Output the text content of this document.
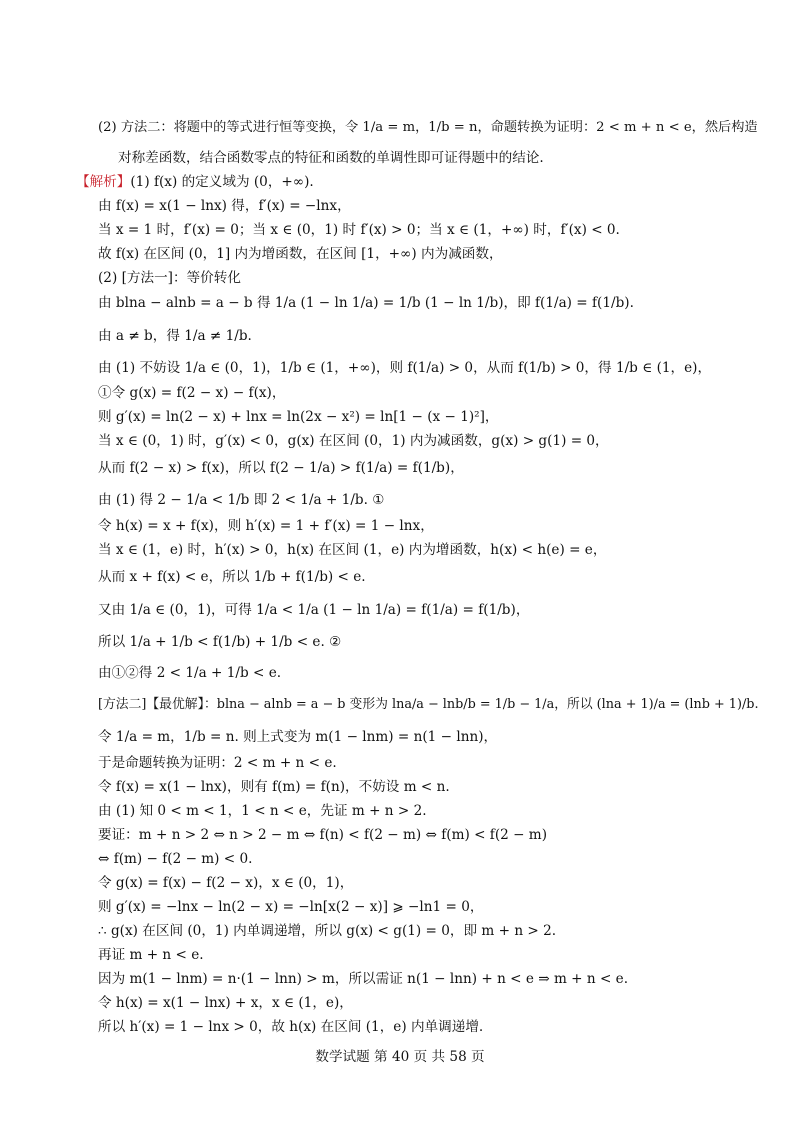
(2) 方法二：将题中的等式进行恒等变换，令 1/a = m，1/b = n，命题转换为证明：2 < m + n < e，然后构造
对称差函数，结合函数零点的特征和函数的单调性即可证得题中的结论.
【解析】(1) f(x) 的定义域为 (0，+∞).
由 f(x) = x(1 − lnx) 得，f′(x) = −lnx，
当 x = 1 时，f′(x) = 0；当 x ∈ (0，1) 时 f′(x) > 0；当 x ∈ (1，+∞) 时，f′(x) < 0.
故 f(x) 在区间 (0，1] 内为增函数，在区间 [1，+∞) 内为减函数，
(2) [方法一]：等价转化
由 blna − alnb = a − b 得 1/a (1 − ln 1/a) = 1/b (1 − ln 1/b)，即 f(1/a) = f(1/b).
由 a ≠ b，得 1/a ≠ 1/b.
由 (1) 不妨设 1/a ∈ (0，1)，1/b ∈ (1，+∞)，则 f(1/a) > 0，从而 f(1/b) > 0，得 1/b ∈ (1，e)，
①令 g(x) = f(2 − x) − f(x)，
则 g′(x) = ln(2 − x) + lnx = ln(2x − x²) = ln[1 − (x − 1)²]，
当 x ∈ (0，1) 时，g′(x) < 0，g(x) 在区间 (0，1) 内为减函数，g(x) > g(1) = 0，
从而 f(2 − x) > f(x)，所以 f(2 − 1/a) > f(1/a) = f(1/b)，
由 (1) 得 2 − 1/a < 1/b 即 2 < 1/a + 1/b. ①
令 h(x) = x + f(x)，则 h′(x) = 1 + f′(x) = 1 − lnx，
当 x ∈ (1，e) 时，h′(x) > 0，h(x) 在区间 (1，e) 内为增函数，h(x) < h(e) = e，
从而 x + f(x) < e，所以 1/b + f(1/b) < e.
又由 1/a ∈ (0，1)，可得 1/a < 1/a (1 − ln 1/a) = f(1/a) = f(1/b)，
所以 1/a + 1/b < f(1/b) + 1/b < e. ②
由①②得 2 < 1/a + 1/b < e.
[方法二]【最优解】：blna − alnb = a − b 变形为 lna/a − lnb/b = 1/b − 1/a，所以 (lna + 1)/a = (lnb + 1)/b.
令 1/a = m，1/b = n. 则上式变为 m(1 − lnm) = n(1 − lnn)，
于是命题转换为证明：2 < m + n < e.
令 f(x) = x(1 − lnx)，则有 f(m) = f(n)，不妨设 m < n.
由 (1) 知 0 < m < 1，1 < n < e，先证 m + n > 2.
要证：m + n > 2 ⇔ n > 2 − m ⇔ f(n) < f(2 − m) ⇔ f(m) < f(2 − m)
⇔ f(m) − f(2 − m) < 0.
令 g(x) = f(x) − f(2 − x)，x ∈ (0，1)，
则 g′(x) = −lnx − ln(2 − x) = −ln[x(2 − x)] ⩾ −ln1 = 0，
∴ g(x) 在区间 (0，1) 内单调递增，所以 g(x) < g(1) = 0，即 m + n > 2.
再证 m + n < e.
因为 m(1 − lnm) = n·(1 − lnn) > m，所以需证 n(1 − lnn) + n < e ⇒ m + n < e.
令 h(x) = x(1 − lnx) + x，x ∈ (1，e)，
所以 h′(x) = 1 − lnx > 0，故 h(x) 在区间 (1，e) 内单调递增.
数学试题 第 40 页 共 58 页
